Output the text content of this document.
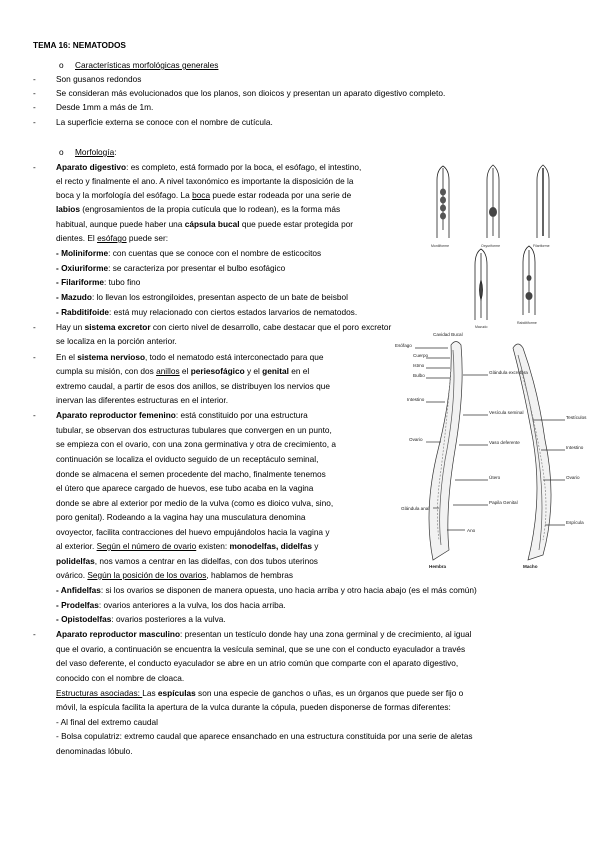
TEMA 16: NEMATODOS
o Características morfológicas generales
- Son gusanos redondos
- Se consideran más evolucionados que los planos, son dioicos y presentan un aparato digestivo completo.
- Desde 1mm a más de 1m.
- La superficie externa se conoce con el nombre de cutícula.
o Morfología:
- Aparato digestivo: es completo, está formado por la boca, el esófago, el intestino,
el recto y finalmente el ano. A nivel taxonómico es importante la disposición de la
boca y la morfología del esófago. La boca puede estar rodeada por una serie de
labios (engrosamientos de la propia cutícula que lo rodean), es la forma más
habitual, aunque puede haber una cápsula bucal que puede estar protegida por
dientes. El esófago puede ser:
- Moliniforme: con cuentas que se conoce con el nombre de esticocitos
- Oxiuriforme: se caracteriza por presentar el bulbo esofágico
- Filariforme: tubo fino
- Mazudo: lo llevan los estrongiloides, presentan aspecto de un bate de beisbol
- Rabditifoide: está muy relacionado con ciertos estados larvarios de nematodos.
- Hay un sistema excretor con cierto nivel de desarrollo, cabe destacar que el poro excretor
se localiza en la porción anterior.
- En el sistema nervioso, todo el nematodo está interconectado para que
cumpla su misión, con dos anillos el periesofágico y el genital en el
extremo caudal, a partir de esos dos anillos, se distribuyen los nervios que
inervan las diferentes estructuras en el interior.
- Aparato reproductor femenino: está constituido por una estructura
tubular, se observan dos estructuras tubulares que convergen en un punto,
se empieza con el ovario, con una zona germinativa y otra de crecimiento, a
continuación se localiza el oviducto seguido de un receptáculo seminal,
donde se almacena el semen procedente del macho, finalmente tenemos
el útero que aparece cargado de huevos, ese tubo acaba en la vagina
donde se abre al exterior por medio de la vulva (como es dioico vulva, sino,
poro genital). Rodeando a la vagina hay una musculatura denomina
ovoyector, facilita contracciones del huevo empujándolos hacia la vagina y
al exterior. Según el número de ovario existen: monodelfas, didelfas y
polidelfas, nos vamos a centrar en las didelfas, con dos tubos uterinos
ovárico. Según la posición de los ovarios, hablamos de hembras
- Anfidelfas: si los ovarios se disponen de manera opuesta, uno hacia arriba y otro hacia abajo (es el más común)
- Prodelfas: ovarios anteriores a la vulva, los dos hacia arriba.
- Opistodelfas: ovarios posteriores a la vulva.
- Aparato reproductor masculino: presentan un testículo donde hay una zona germinal y de crecimiento, al igual
que el ovario, a continuación se encuentra la vesícula seminal, que se une con el conducto eyaculador a través
del vaso deferente, el conducto eyaculador se abre en un atrio común que comparte con el aparato digestivo,
conocido con el nombre de cloaca.
Estructuras asociadas: Las espículas son una especie de ganchos o uñas, es un órganos que puede ser fijo o
móvil, la espícula facilita la apertura de la vulca durante la cópula, pueden disponerse de formas diferentes:
- Al final del extremo caudal
- Bolsa copulatriz: extremo caudal que aparece ensanchado en una estructura constituida por una serie de aletas
denominadas lóbulo.
Moniliforme	Oxyuriforme	Filariforme
Mazudo
Rabditiforme
Esófago
Cavidad Bucal
Cuerpo
Istmo
Bulbo
Intestino
Ovario
Glándula anal
Glándula excretora
Vesícula seminal
Vaso deferente
Útero
Papila Genital
Ano
Testículos
Intestino
Ovario
Espícula
Hembra	Macho
